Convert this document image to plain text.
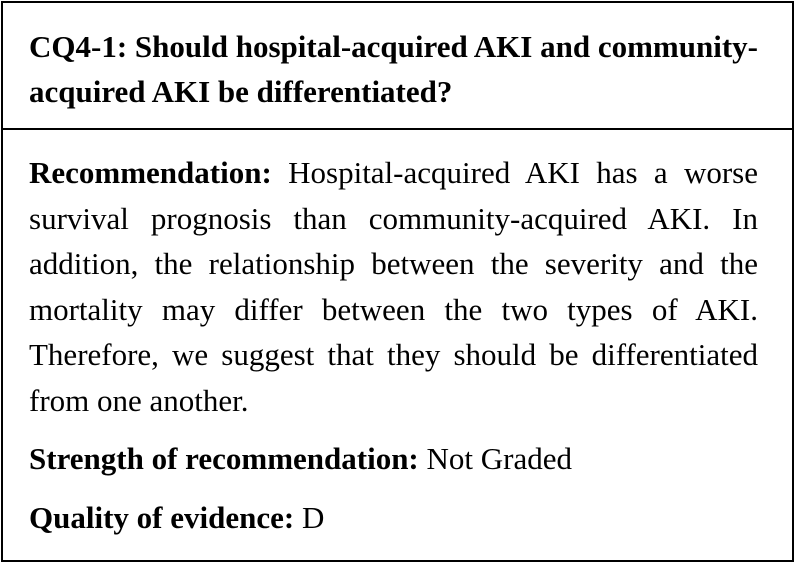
CQ4-1: Should hospital-acquired AKI and community-acquired AKI be differentiated?

Recommendation: Hospital-acquired AKI has a worse survival prognosis than community-acquired AKI. In addition, the relationship between the severity and the mortality may differ between the two types of AKI. Therefore, we suggest that they should be differentiated from one another.

Strength of recommendation: Not Graded

Quality of evidence: D
